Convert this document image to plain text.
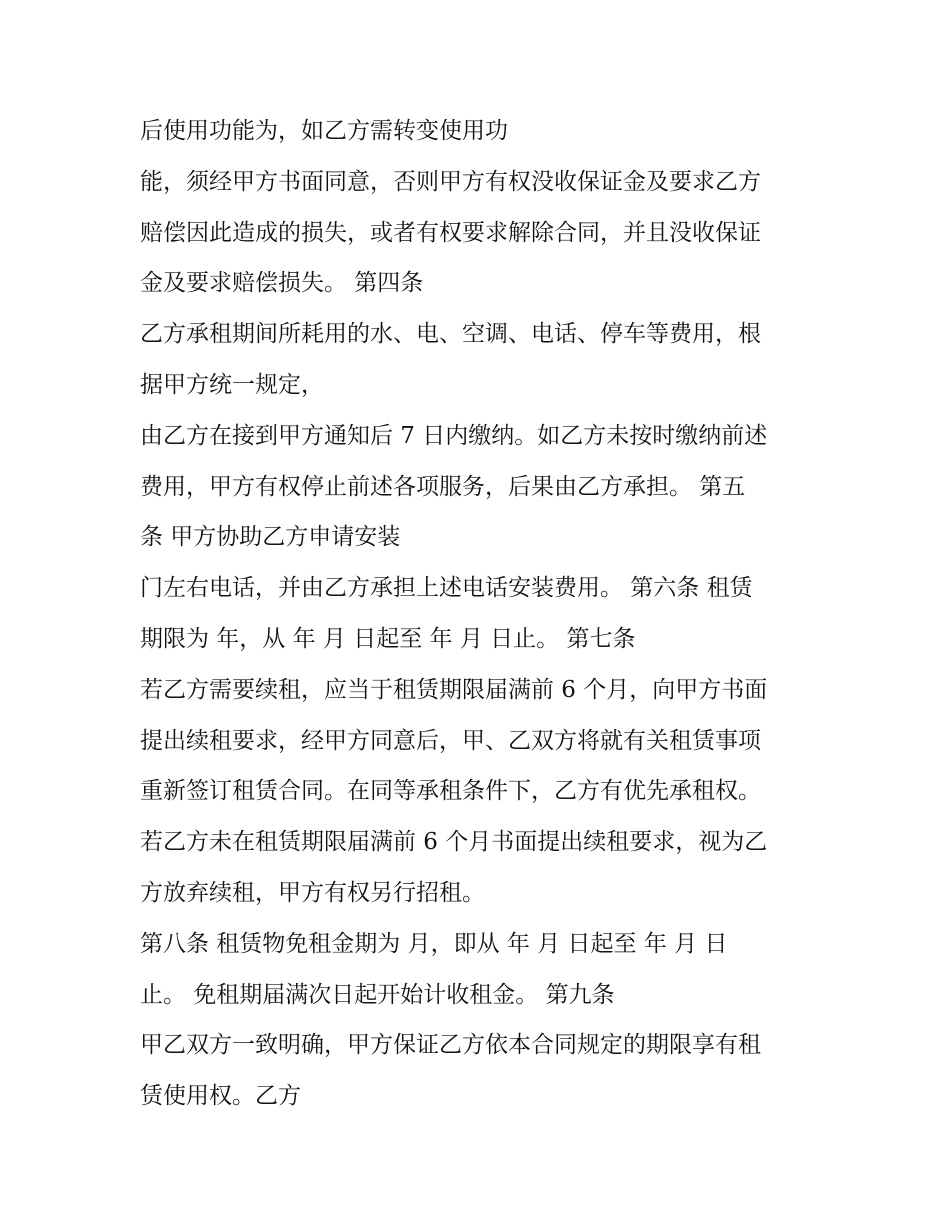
后使用功能为，如乙方需转变使用功
能，须经甲方书面同意，否则甲方有权没收保证金及要求乙方
赔偿因此造成的损失，或者有权要求解除合同，并且没收保证
金及要求赔偿损失。 第四条
乙方承租期间所耗用的水、电、空调、电话、停车等费用，根
据甲方统一规定，
由乙方在接到甲方通知后 7 日内缴纳。如乙方未按时缴纳前述
费用，甲方有权停止前述各项服务，后果由乙方承担。 第五
条 甲方协助乙方申请安装
门左右电话，并由乙方承担上述电话安装费用。 第六条 租赁
期限为 年，从 年 月 日起至 年 月 日止。 第七条
若乙方需要续租，应当于租赁期限届满前 6 个月，向甲方书面
提出续租要求，经甲方同意后，甲、乙双方将就有关租赁事项
重新签订租赁合同。在同等承租条件下，乙方有优先承租权。
若乙方未在租赁期限届满前 6 个月书面提出续租要求，视为乙
方放弃续租，甲方有权另行招租。
第八条 租赁物免租金期为 月，即从 年 月 日起至 年 月 日
止。 免租期届满次日起开始计收租金。 第九条
甲乙双方一致明确，甲方保证乙方依本合同规定的期限享有租
赁使用权。乙方
